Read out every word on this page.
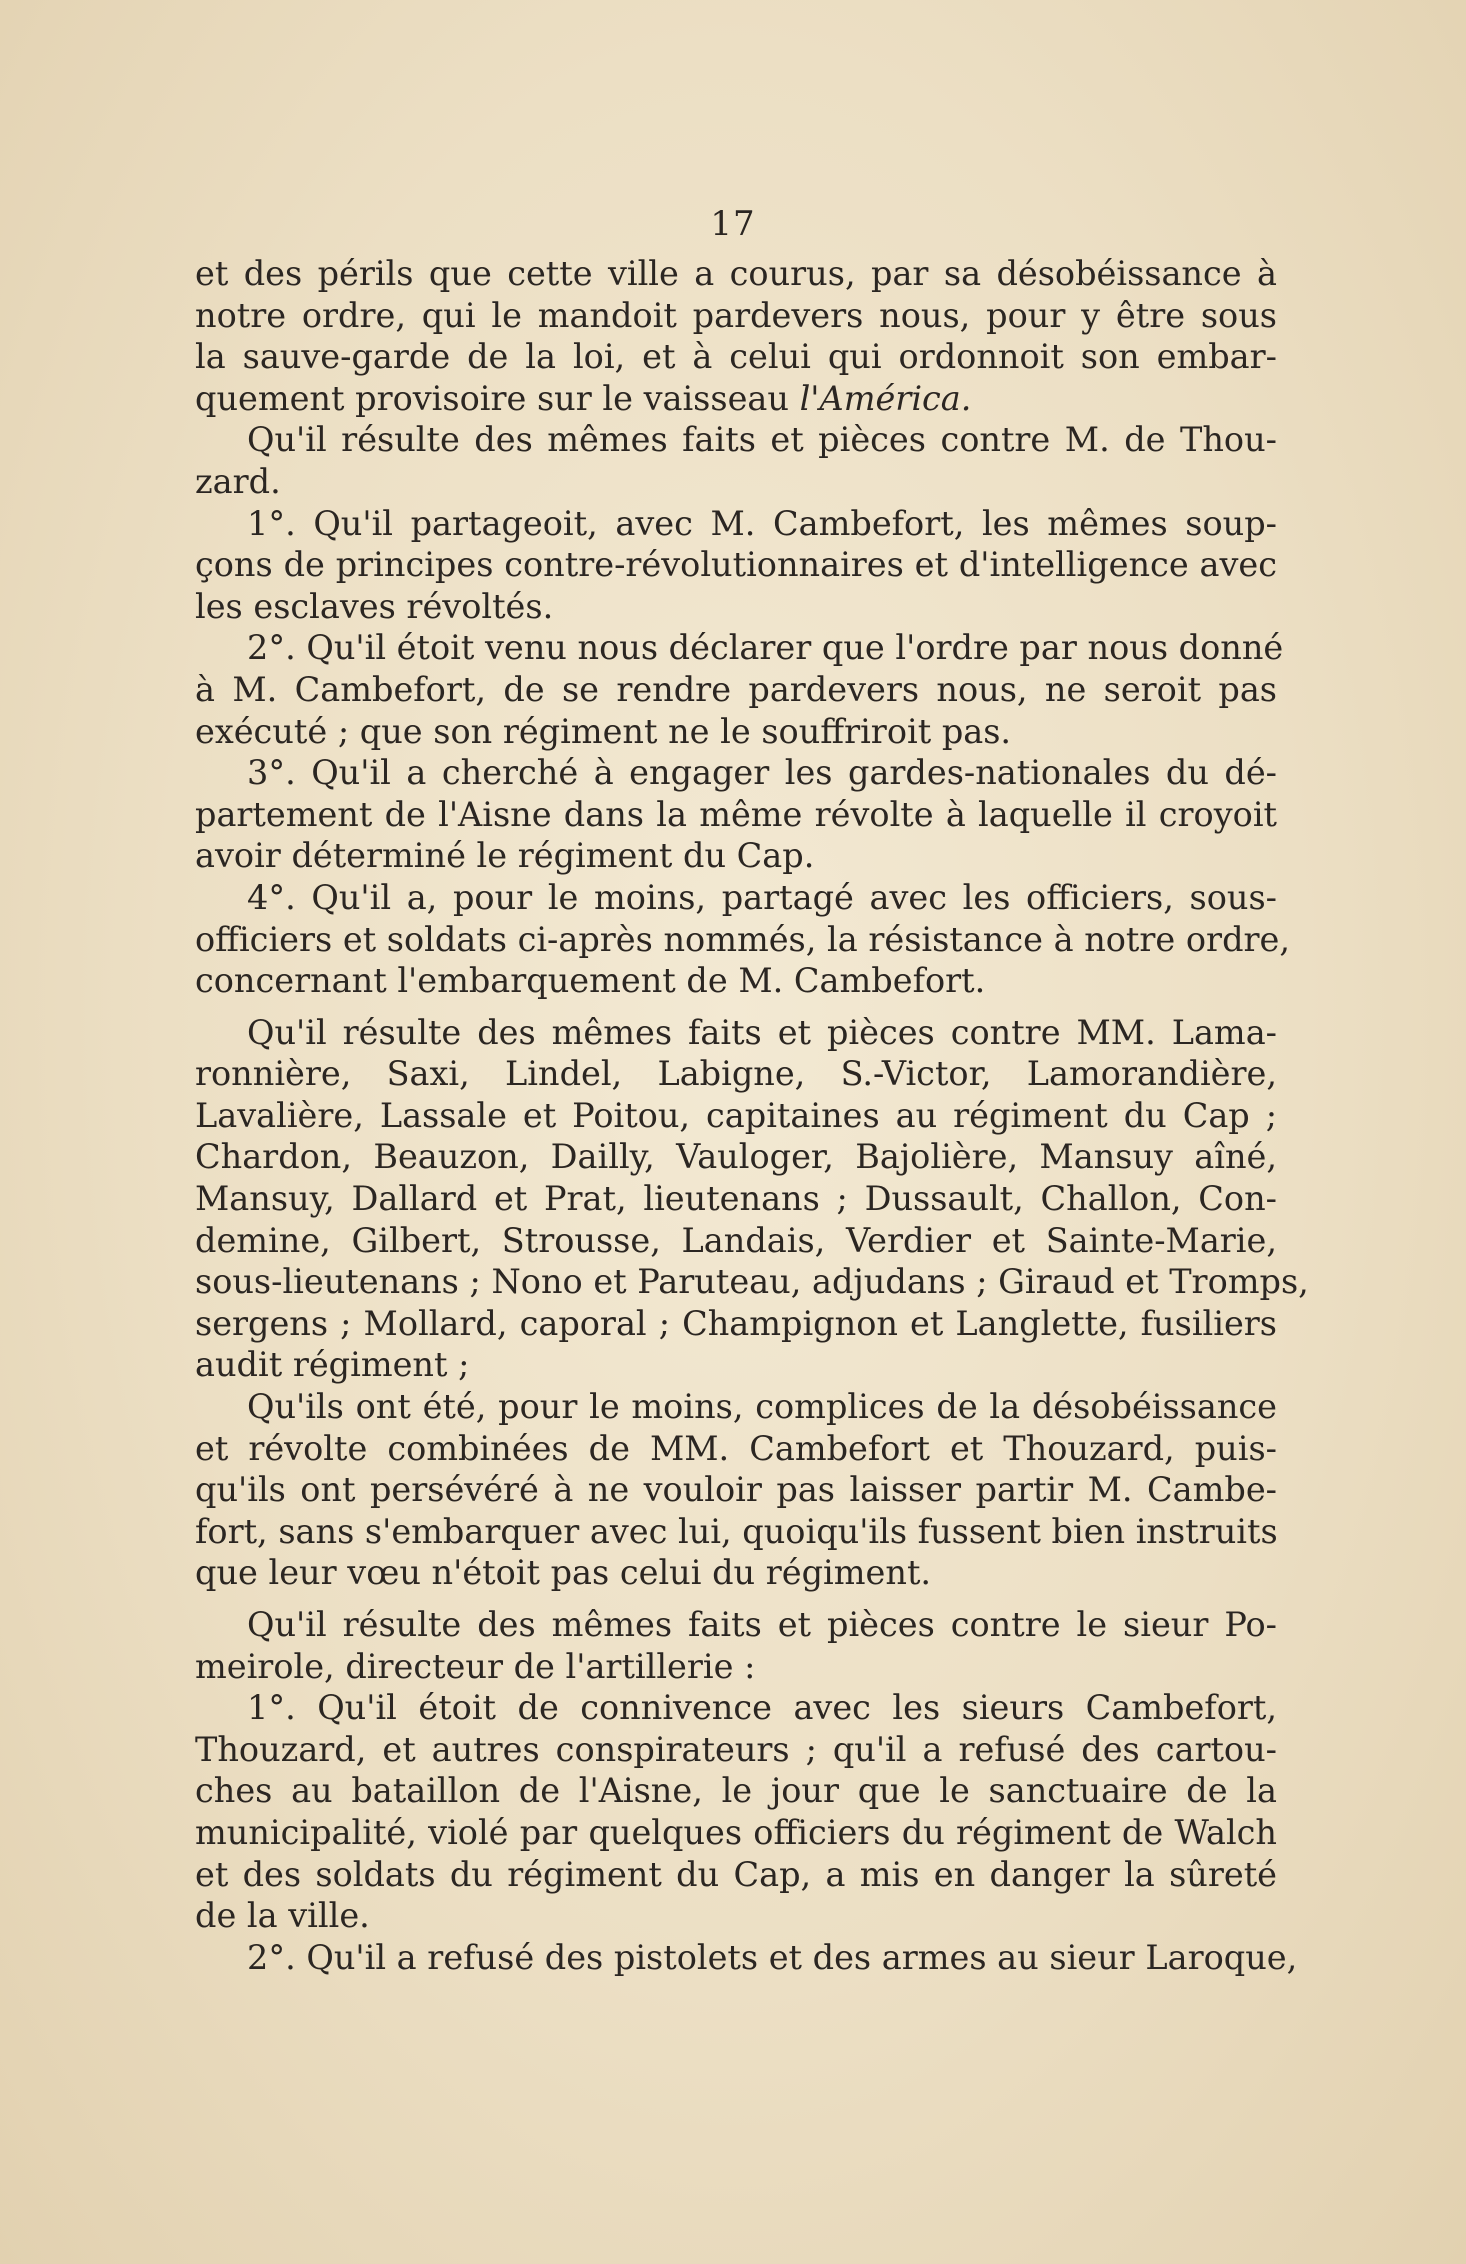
17
et des périls que cette ville a courus, par sa désobéissance à
notre ordre, qui le mandoit pardevers nous, pour y être sous
la sauve-garde de la loi, et à celui qui ordonnoit son embar-
quement provisoire sur le vaisseau l'América.
Qu'il résulte des mêmes faits et pièces contre M. de Thou-
zard.
1°. Qu'il partageoit, avec M. Cambefort, les mêmes soup-
çons de principes contre-révolutionnaires et d'intelligence avec
les esclaves révoltés.
2°. Qu'il étoit venu nous déclarer que l'ordre par nous donné
à M. Cambefort, de se rendre pardevers nous, ne seroit pas
exécuté ; que son régiment ne le souffriroit pas.
3°. Qu'il a cherché à engager les gardes-nationales du dé-
partement de l'Aisne dans la même révolte à laquelle il croyoit
avoir déterminé le régiment du Cap.
4°. Qu'il a, pour le moins, partagé avec les officiers, sous-
officiers et soldats ci-après nommés, la résistance à notre ordre,
concernant l'embarquement de M. Cambefort.
Qu'il résulte des mêmes faits et pièces contre MM. Lama-
ronnière, Saxi, Lindel, Labigne, S.-Victor, Lamorandière,
Lavalière, Lassale et Poitou, capitaines au régiment du Cap ;
Chardon, Beauzon, Dailly, Vauloger, Bajolière, Mansuy aîné,
Mansuy, Dallard et Prat, lieutenans ; Dussault, Challon, Con-
demine, Gilbert, Strousse, Landais, Verdier et Sainte-Marie,
sous-lieutenans ; Nono et Paruteau, adjudans ; Giraud et Tromps,
sergens ; Mollard, caporal ; Champignon et Langlette, fusiliers
audit régiment ;
Qu'ils ont été, pour le moins, complices de la désobéissance
et révolte combinées de MM. Cambefort et Thouzard, puis-
qu'ils ont persévéré à ne vouloir pas laisser partir M. Cambe-
fort, sans s'embarquer avec lui, quoiqu'ils fussent bien instruits
que leur vœu n'étoit pas celui du régiment.
Qu'il résulte des mêmes faits et pièces contre le sieur Po-
meirole, directeur de l'artillerie :
1°. Qu'il étoit de connivence avec les sieurs Cambefort,
Thouzard, et autres conspirateurs ; qu'il a refusé des cartou-
ches au bataillon de l'Aisne, le jour que le sanctuaire de la
municipalité, violé par quelques officiers du régiment de Walch
et des soldats du régiment du Cap, a mis en danger la sûreté
de la ville.
2°. Qu'il a refusé des pistolets et des armes au sieur Laroque,
